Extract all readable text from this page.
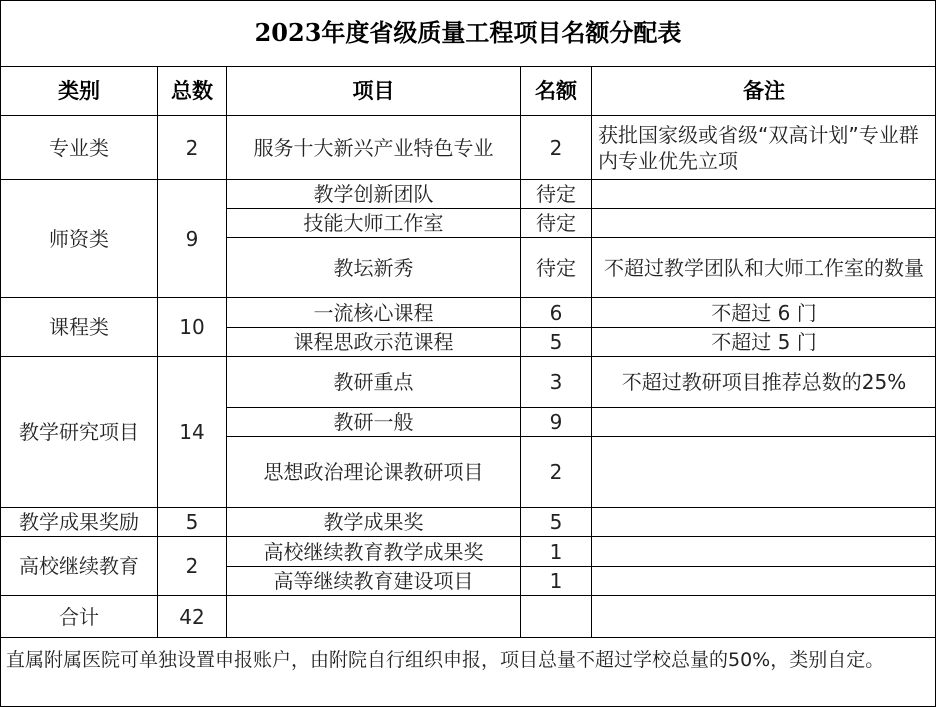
2023年度省级质量工程项目名额分配表
类别	总数	项目	名额	备注
专业类	2	服务十大新兴产业特色专业	2	获批国家级或省级“双高计划”专业群内专业优先立项
师资类	9	教学创新团队	待定	
		技能大师工作室	待定	
		教坛新秀	待定	不超过教学团队和大师工作室的数量
课程类	10	一流核心课程	6	不超过 6 门
		课程思政示范课程	5	不超过 5 门
教学研究项目	14	教研重点	3	不超过教研项目推荐总数的25%
		教研一般	9	
		思想政治理论课教研项目	2	
教学成果奖励	5	教学成果奖	5	
高校继续教育	2	高校继续教育教学成果奖	1	
		高等继续教育建设项目	1	
合计	42			
直属附属医院可单独设置申报账户，由附院自行组织申报，项目总量不超过学校总量的50%，类别自定。
